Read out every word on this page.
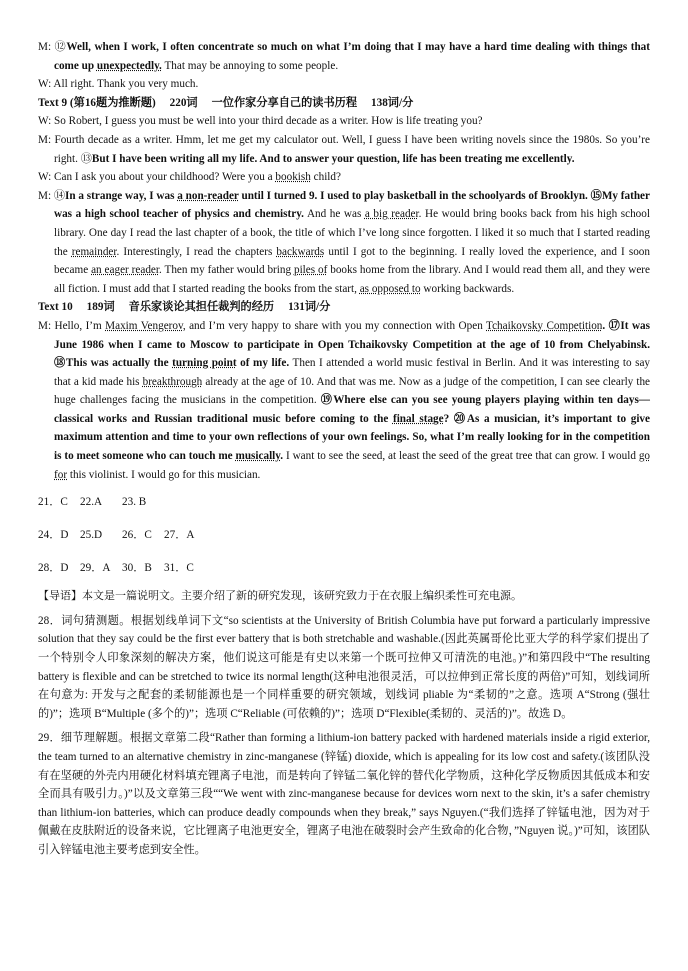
M: ⑫Well, when I work, I often concentrate so much on what I’m doing that I may have a hard time dealing with things that come up unexpectedly. That may be annoying to some people.

W: All right. Thank you very much.

Text 9 (第16题为推断题)　 220词　 一位作家分享自己的读书历程　 138词/分

W: So Robert, I guess you must be well into your third decade as a writer. How is life treating you?

M: Fourth decade as a writer. Hmm, let me get my calculator out. Well, I guess I have been writing novels since the 1980s. So you’re right. ⑬But I have been writing all my life. And to answer your question, life has been treating me excellently.

W: Can I ask you about your childhood? Were you a bookish child?

M: ⑭In a strange way, I was a non-reader until I turned 9. I used to play basketball in the schoolyards of Brooklyn. ⑮My father was a high school teacher of physics and chemistry. And he was a big reader. He would bring books back from his high school library. One day I read the last chapter of a book, the title of which I’ve long since forgotten. I liked it so much that I started reading the remainder. Interestingly, I read the chapters backwards until I got to the beginning. I really loved the experience, and I soon became an eager reader. Then my father would bring piles of books home from the library. And I would read them all, and they were all fiction. I must add that I started reading the books from the start, as opposed to working backwards.

Text 10　 189词　 音乐家谈论其担任裁判的经历　 131词/分

M: Hello, I’m Maxim Vengerov, and I’m very happy to share with you my connection with Open Tchaikovsky Competition. ⑰It was June 1986 when I came to Moscow to participate in Open Tchaikovsky Competition at the age of 10 from Chelyabinsk. ⑱This was actually the turning point of my life. Then I attended a world music festival in Berlin. And it was interesting to say that a kid made his breakthrough already at the age of 10. And that was me. Now as a judge of the competition, I can see clearly the huge challenges facing the musicians in the competition. ⑲Where else can you see young players playing within ten days—classical works and Russian traditional music before coming to the final stage? ⑳As a musician, it’s important to give maximum attention and time to your own reflections of your own feelings. So, what I’m really looking for in the competition is to meet someone who can touch me musically. I want to see the seed, at least the seed of the great tree that can grow. I would go for this violinist. I would go for this musician.

21．C	22.A	23. B
24．D	25.D	26．C	27．A
28．D	29．A	30．B	31．C

【导语】本文是一篇说明文。主要介绍了新的研究发现，该研究致力于在衣服上编织柔性可充电源。

28．词句猜测题。根据划线单词下文“so scientists at the University of British Columbia have put forward a particularly impressive solution that they say could be the first ever battery that is both stretchable and washable.(因此英属哥伦比亚大学的科学家们提出了一个特别令人印象深刻的解决方案，他们说这可能是有史以来第一个既可拉伸又可清洗的电池。)”和第四段中“The resulting battery is flexible and can be stretched to twice its normal length(这种电池很灵活，可以拉伸到正常长度的两倍)”可知，划线词所在句意为: 开发与之配套的柔韧能源也是一个同样重要的研究领域，划线词 pliable 为“柔韧的”之意。选项 A“Strong (强壮的)”；选项 B“Multiple (多个的)”；选项 C“Reliable (可依赖的)”；选项 D“Flexible(柔韧的、灵活的)”。故选 D。

29．细节理解题。根据文章第二段“Rather than forming a lithium-ion battery packed with hardened materials inside a rigid exterior, the team turned to an alternative chemistry in zinc-manganese (锌锰) dioxide, which is appealing for its low cost and safety.(该团队没有在坚硬的外壳内用硬化材料填充锂离子电池，而是转向了锌锰二氧化锌的替代化学物质，这种化学反物质因其低成本和安全而具有吸引力。)”以及文章第三段““We went with zinc-manganese because for devices worn next to the skin, it’s a safer chemistry than lithium-ion batteries, which can produce deadly compounds when they break,” says Nguyen.(“我们选择了锌锰电池，因为对于佩戴在皮肤附近的设备来说，它比锂离子电池更安全，锂离子电池在破裂时会产生致命的化合物，”Nguyen 说。)”可知，该团队引入锌锰电池主要考虑到安全性。
